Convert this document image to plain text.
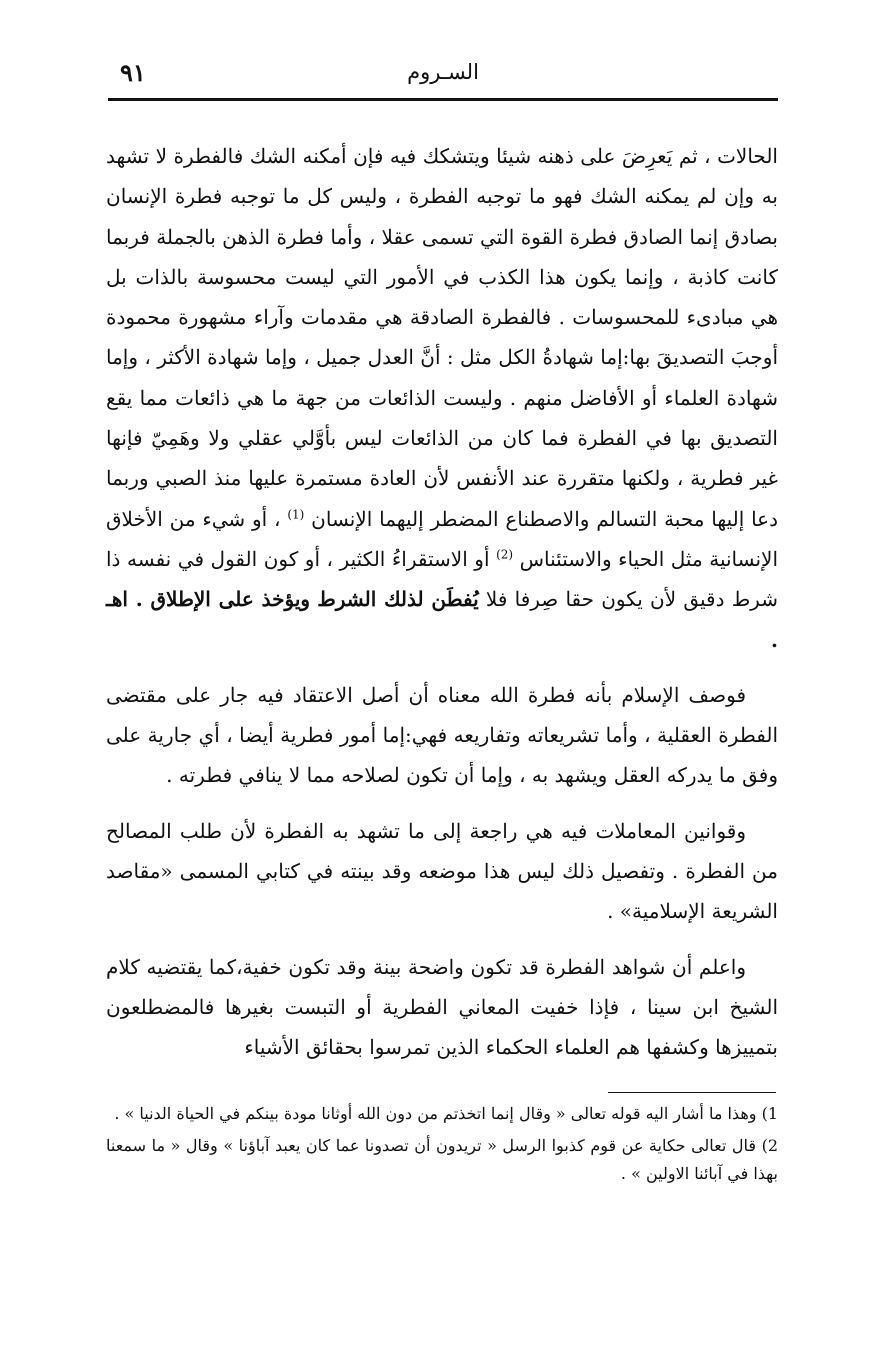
٩١	السـروم

الحالات ، ثم يَعرِضَ على ذهنه شيئا ويتشكك فيه فإن أمكنه الشك فالفطرة لا تشهد به وإن لم يمكنه الشك فهو ما توجبه الفطرة ، وليس كل ما توجبه فطرة الإنسان بصادق إنما الصادق فطرة القوة التي تسمى عقلا ، وأما فطرة الذهن بالجملة فربما كانت كاذبة ، وإنما يكون هذا الكذب في الأمور التي ليست محسوسة بالذات بل هي مبادىء للمحسوسات . فالفطرة الصادقة هي مقدمات وآراء مشهورة محمودة أوجبَ التصديقَ بها:إما شهادةُ الكل مثل : أنَّ العدل جميل ، وإما شهادة الأكثر ، وإما شهادة العلماء أو الأفاضل منهم . وليست الذائعات من جهة ما هي ذائعات مما يقع التصديق بها في الفطرة فما كان من الذائعات ليس بأوَّلي عقلي ولا وهَمِيّ فإنها غير فطرية ، ولكنها متقررة عند الأنفس لأن العادة مستمرة عليها منذ الصبي وربما دعا إليها محبة التسالم والاصطناع المضطر إليهما الإنسان $^{(1)}$ ، أو شيء من الأخلاق الإنسانية مثل الحياء والاستئناس $^{(2)}$ أو الاستقراءُ الكثير ، أو كون القول في نفسه ذا شرط دقيق لأن يكون حقا صِرفا فلا يُفطَن لذلك الشرط ويؤخذ على الإطلاق . اهـ .

فوصف الإسلام بأنه فطرة الله معناه أن أصل الاعتقاد فيه جار على مقتضى الفطرة العقلية ، وأما تشريعاته وتفاريعه فهي:إما أمور فطرية أيضا ، أي جارية على وفق ما يدركه العقل ويشهد به ، وإما أن تكون لصلاحه مما لا ينافي فطرته .

وقوانين المعاملات فيه هي راجعة إلى ما تشهد به الفطرة لأن طلب المصالح من الفطرة . وتفصيل ذلك ليس هذا موضعه وقد بينته في كتابي المسمى «مقاصد الشريعة الإسلامية» .

واعلم أن شواهد الفطرة قد تكون واضحة بينة وقد تكون خفية،كما يقتضيه كلام الشيخ ابن سينا ، فإذا خفيت المعاني الفطرية أو التبست بغيرها فالمضطلعون بتمييزها وكشفها هم العلماء الحكماء الذين تمرسوا بحقائق الأشياء

1) وهذا ما أشار اليه قوله تعالى « وقال إنما اتخذتم من دون الله أوثانا مودة بينكم في الحياة الدنيا » .

2) قال تعالى حكاية عن قوم كذبوا الرسل « تريدون أن تصدونا عما كان يعبد آباؤنا » وقال « ما سمعنا بهذا في آبائنا الاولين » .
